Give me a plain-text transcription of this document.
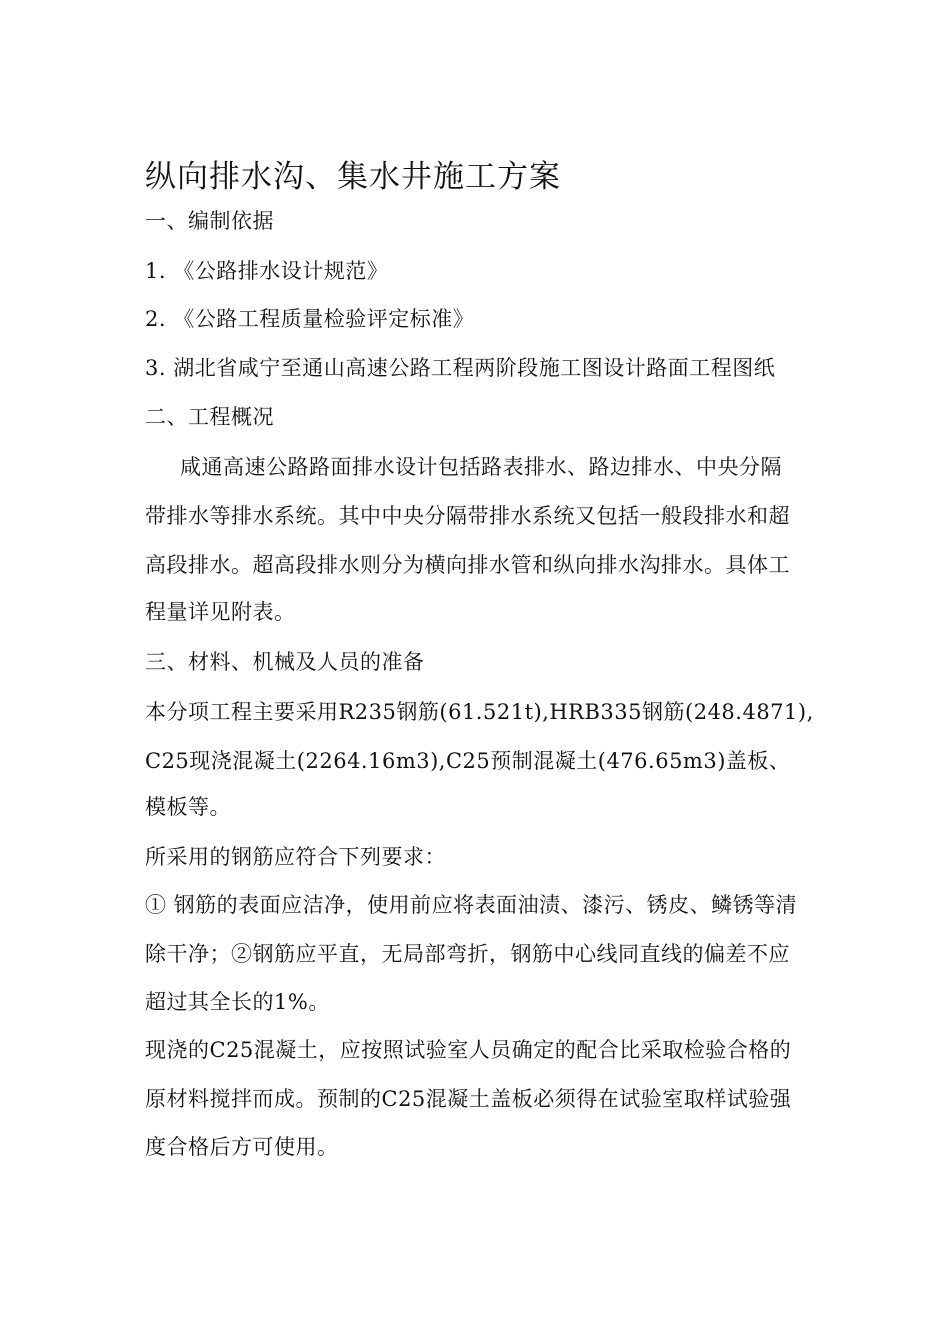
纵向排水沟、集水井施工方案
一、编制依据
1. 《公路排水设计规范》
2. 《公路工程质量检验评定标准》
3. 湖北省咸宁至通山高速公路工程两阶段施工图设计路面工程图纸
二、工程概况
咸通高速公路路面排水设计包括路表排水、路边排水、中央分隔
带排水等排水系统。其中中央分隔带排水系统又包括一般段排水和超
高段排水。超高段排水则分为横向排水管和纵向排水沟排水。具体工
程量详见附表。
三、材料、机械及人员的准备
本分项工程主要采用R235钢筋(61.521t),HRB335钢筋(248.4871),
C25现浇混凝土(2264.16m3),C25预制混凝土(476.65m3)盖板、
模板等。
所采用的钢筋应符合下列要求：
① 钢筋的表面应洁净，使用前应将表面油渍、漆污、锈皮、鳞锈等清
除干净；②钢筋应平直，无局部弯折，钢筋中心线同直线的偏差不应
超过其全长的1%。
现浇的C25混凝土，应按照试验室人员确定的配合比采取检验合格的
原材料搅拌而成。预制的C25混凝土盖板必须得在试验室取样试验强
度合格后方可使用。
